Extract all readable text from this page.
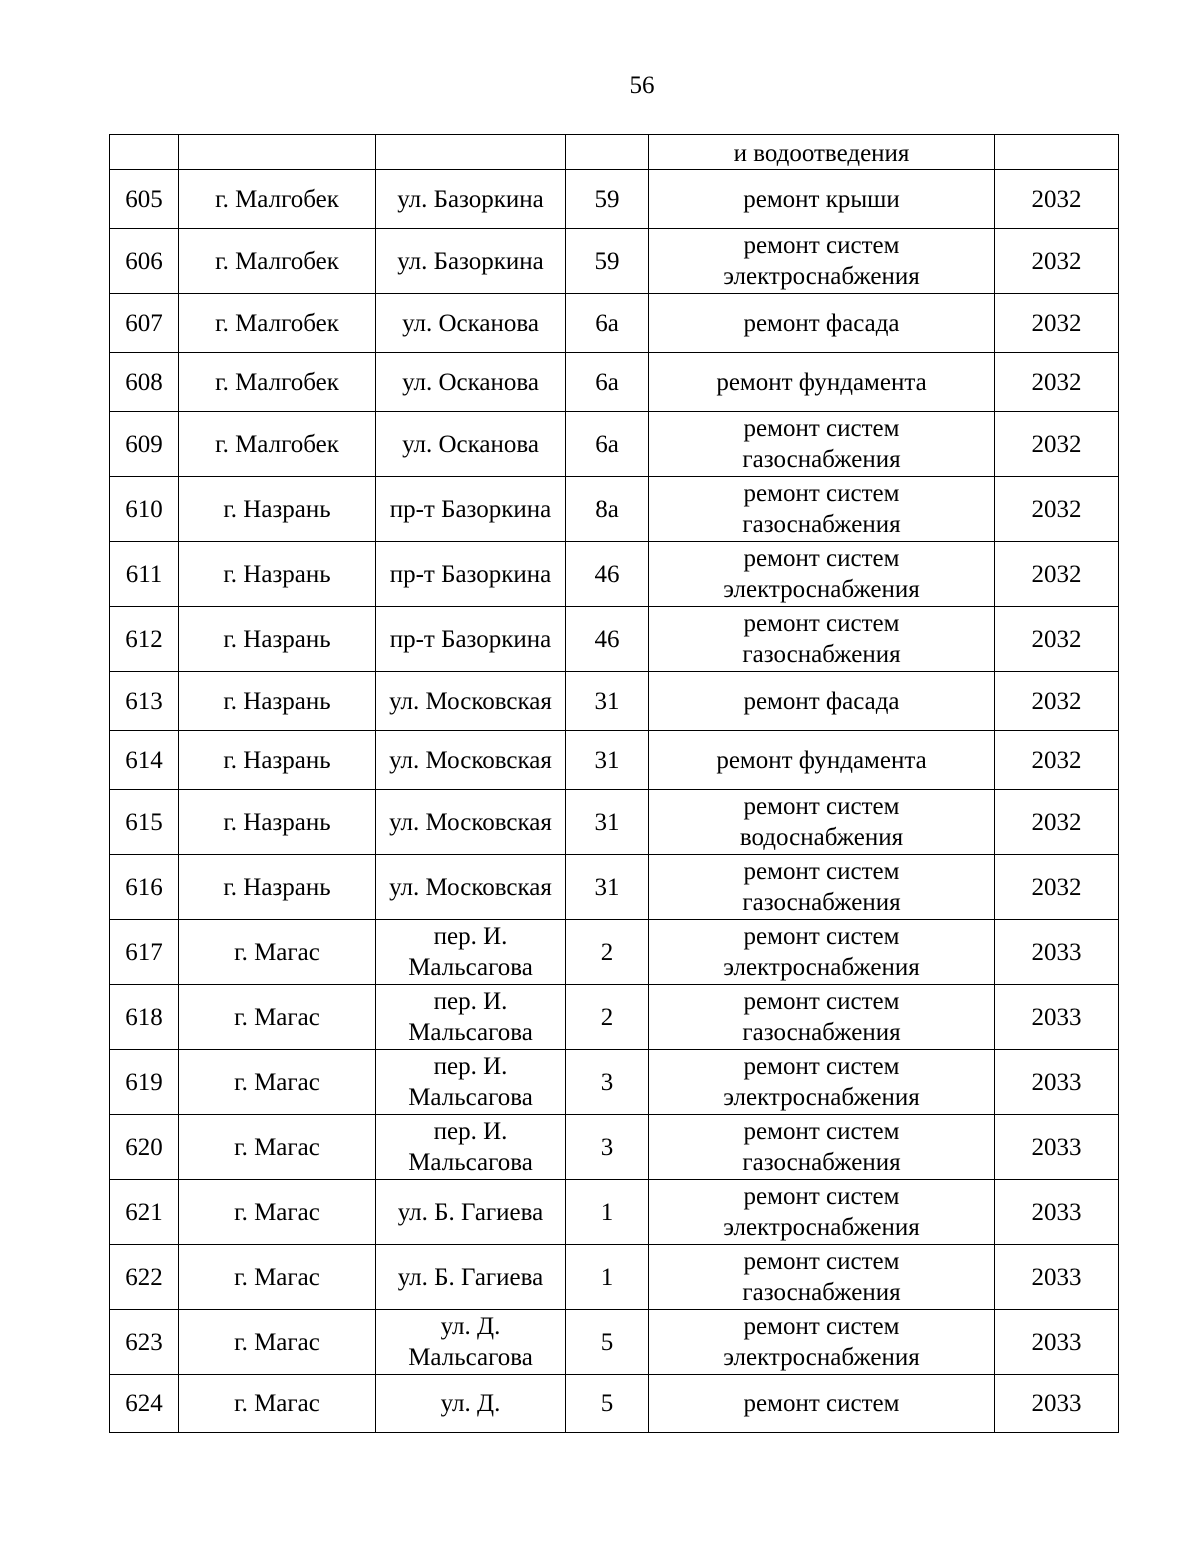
56

				и водоотведения	

605	г. Малгобек	ул. Базоркина	59	ремонт крыши	2032
606	г. Малгобек	ул. Базоркина	59	ремонт систем
электроснабжения	2032
607	г. Малгобек	ул. Осканова	6а	ремонт фасада	2032
608	г. Малгобек	ул. Осканова	6а	ремонт фундамента	2032
609	г. Малгобек	ул. Осканова	6а	ремонт систем
газоснабжения	2032
610	г. Назрань	пр-т Базоркина	8а	ремонт систем
газоснабжения	2032
611	г. Назрань	пр-т Базоркина	46	ремонт систем
электроснабжения	2032
612	г. Назрань	пр-т Базоркина	46	ремонт систем
газоснабжения	2032
613	г. Назрань	ул. Московская	31	ремонт фасада	2032
614	г. Назрань	ул. Московская	31	ремонт фундамента	2032
615	г. Назрань	ул. Московская	31	ремонт систем
водоснабжения	2032
616	г. Назрань	ул. Московская	31	ремонт систем
газоснабжения	2032
617	г. Магас	пер. И.
Мальсагова	2	ремонт систем
электроснабжения	2033
618	г. Магас	пер. И.
Мальсагова	2	ремонт систем
газоснабжения	2033
619	г. Магас	пер. И.
Мальсагова	3	ремонт систем
электроснабжения	2033
620	г. Магас	пер. И.
Мальсагова	3	ремонт систем
газоснабжения	2033
621	г. Магас	ул. Б. Гагиева	1	ремонт систем
электроснабжения	2033
622	г. Магас	ул. Б. Гагиева	1	ремонт систем
газоснабжения	2033
623	г. Магас	ул. Д.
Мальсагова	5	ремонт систем
электроснабжения	2033
624	г. Магас	ул. Д.	5	ремонт систем	2033
